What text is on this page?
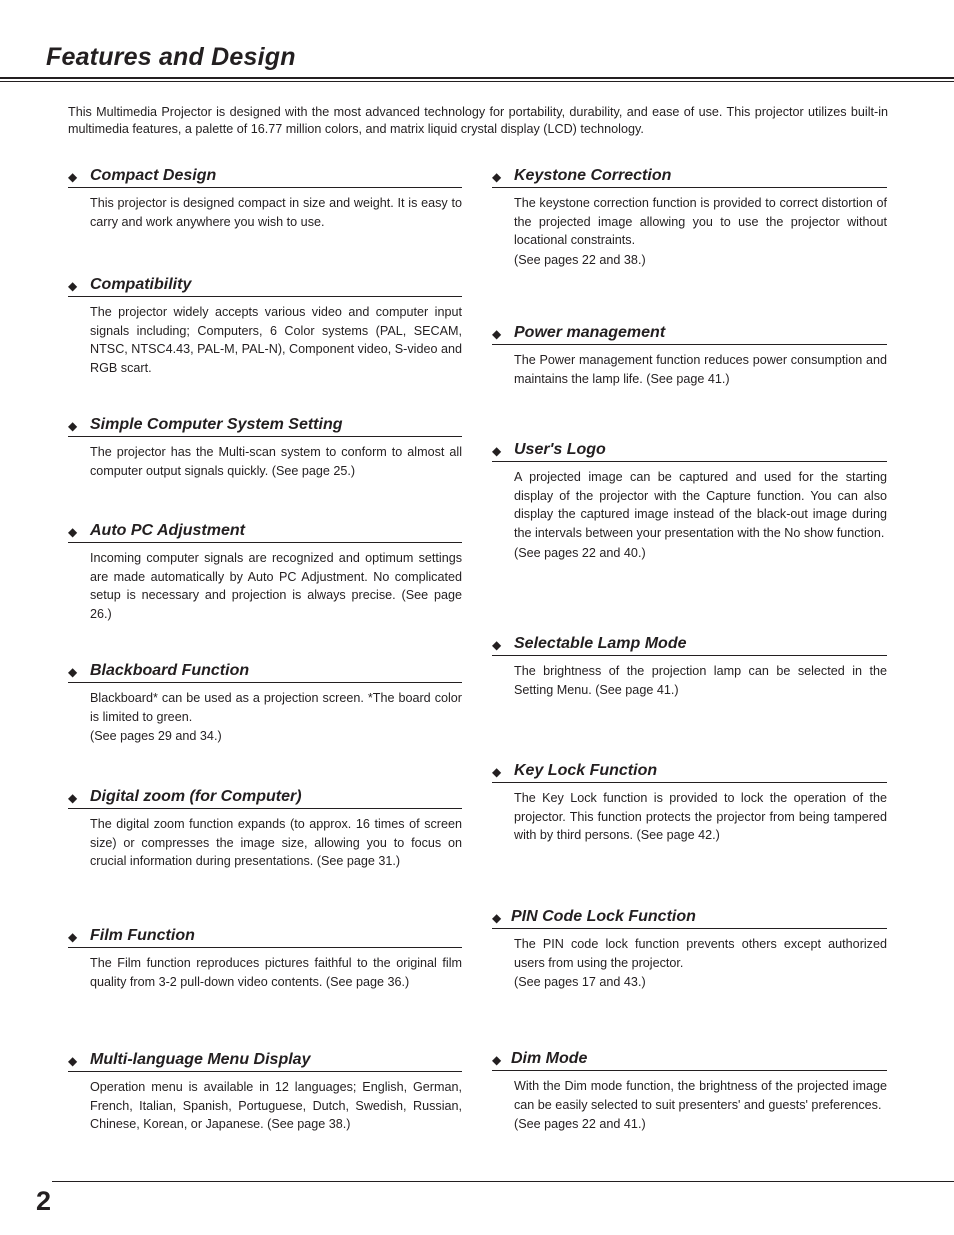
Features and Design
This Multimedia Projector is designed with the most advanced technology for portability, durability, and ease of use. This projector utilizes built-in multimedia features, a palette of 16.77 million colors, and matrix liquid crystal display (LCD) technology.
◆ Compact Design

This projector is designed compact in size and weight. It is easy to carry and work anywhere you wish to use.

◆ Compatibility

The projector widely accepts various video and computer input signals including; Computers, 6 Color systems (PAL, SECAM, NTSC, NTSC4.43, PAL-M, PAL-N), Component video, S-video and RGB scart.

◆ Simple Computer System Setting

The projector has the Multi-scan system to conform to almost all computer output signals quickly. (See page 25.)

◆ Auto PC Adjustment

Incoming computer signals are recognized and optimum settings are made automatically by Auto PC Adjustment. No complicated setup is necessary and projection is always precise. (See page 26.)

◆ Blackboard Function

Blackboard* can be used as a projection screen. *The board color is limited to green.

(See pages 29 and 34.)

◆ Digital zoom (for Computer)

The digital zoom function expands (to approx. 16 times of screen size) or compresses the image size, allowing you to focus on crucial information during presentations. (See page 31.)

◆ Film Function

The Film function reproduces pictures faithful to the original film quality from 3-2 pull-down video contents. (See page 36.)

◆ Multi-language Menu Display

Operation menu is available in 12 languages; English, German, French, Italian, Spanish, Portuguese, Dutch, Swedish, Russian, Chinese, Korean, or Japanese. (See page 38.)

◆ Keystone Correction

The keystone correction function is provided to correct distortion of the projected image allowing you to use the projector without locational constraints.

(See pages 22 and 38.)

◆ Power management

The Power management function reduces power consumption and maintains the lamp life. (See page 41.)

◆ User's Logo

A projected image can be captured and used for the starting display of the projector with the Capture function. You can also display the captured image instead of the black-out image during the intervals between your presentation with the No show function.

(See pages 22 and 40.)

◆ Selectable Lamp Mode

The brightness of the projection lamp can be selected in the Setting Menu. (See page 41.)

◆ Key Lock Function

The Key Lock function is provided to lock the operation of the projector. This function protects the projector from being tampered with by third persons. (See page 42.)

◆ PIN Code Lock Function

The PIN code lock function prevents others except authorized users from using the projector.

(See pages 17 and 43.)

◆ Dim Mode

With the Dim mode function, the brightness of the projected image can be easily selected to suit presenters' and guests' preferences.

(See pages 22 and 41.)

2
